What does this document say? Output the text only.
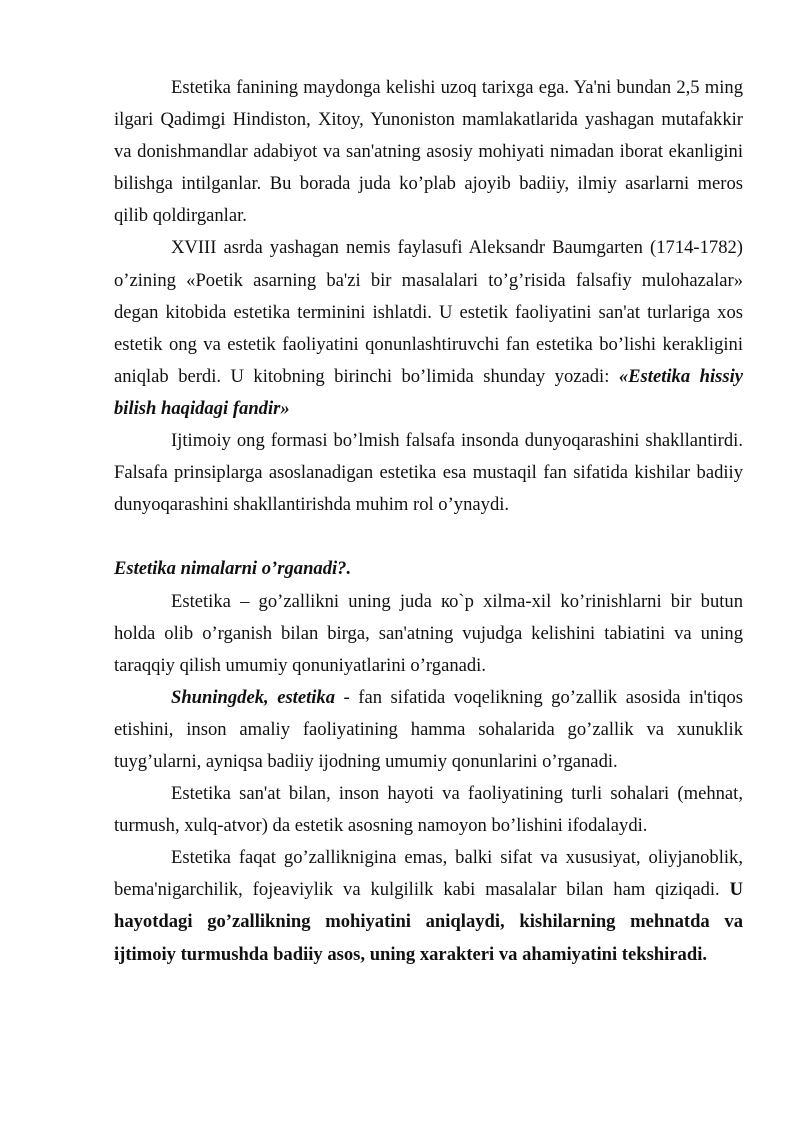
Estetika fanining maydonga kelishi uzoq tarixga ega. Ya'ni bundan 2,5 ming ilgari Qadimgi Hindiston, Xitoy, Yunoniston mamlakatlarida yashagan mutafakkir va donishmandlar adabiyot va san'atning asosiy mohiyati nimadan iborat ekanligini bilishga intilganlar. Bu borada juda ko’plab ajoyib badiiy, ilmiy asarlarni meros qilib qoldirganlar.

XVIII asrda yashagan nemis faylasufi Aleksandr Baumgarten (1714-1782) o’zining «Poetik asarning ba'zi bir masalalari to’g’risida falsafiy mulohazalar» degan kitobida estetika terminini ishlatdi. U estetik faoliyatini san'at turlariga xos estetik ong va estetik faoliyatini qonunlashtiruvchi fan estetika bo’lishi kerakligini aniqlab berdi. U kitobning birinchi bo’limida shunday yozadi: «Estetika hissiy bilish haqidagi fandir»

Ijtimoiy ong formasi bo’lmish falsafa insonda dunyoqarashini shakllantirdi. Falsafa prinsiplarga asoslanadigan estetika esa mustaqil fan sifatida kishilar badiiy dunyoqarashini shakllantirishda muhim rol o’ynaydi.

Estetika nimalarni o’rganadi?.

Estetika – go’zallikni uning juda ко`p xilma-xil ko’rinishlarni bir butun holda olib o’rganish bilan birga, san'atning vujudga kelishini tabiatini va uning taraqqiy qilish umumiy qonuniyatlarini o’rganadi.

Shuningdek, estetika - fan sifatida voqelikning go’zallik asosida in'tiqos etishini, inson amaliy faoliyatining hamma sohalarida go’zallik va xunuklik tuyg’ularni, ayniqsa badiiy ijodning umumiy qonunlarini o’rganadi.

Estetika san'at bilan, inson hayoti va faoliyatining turli sohalari (mehnat, turmush, xulq-atvor) da estetik asosning namoyon bo’lishini ifodalaydi.

Estetika faqat go’zalliknigina emas, balki sifat va xususiyat, oliyjanoblik, bema'nigarchilik, fojeaviylik va kulgililk kabi masalalar bilan ham qiziqadi. U hayotdagi go’zallikning mohiyatini aniqlaydi, kishilarning mehnatda va ijtimoiy turmushda badiiy asos, uning xarakteri va ahamiyatini tekshiradi.
